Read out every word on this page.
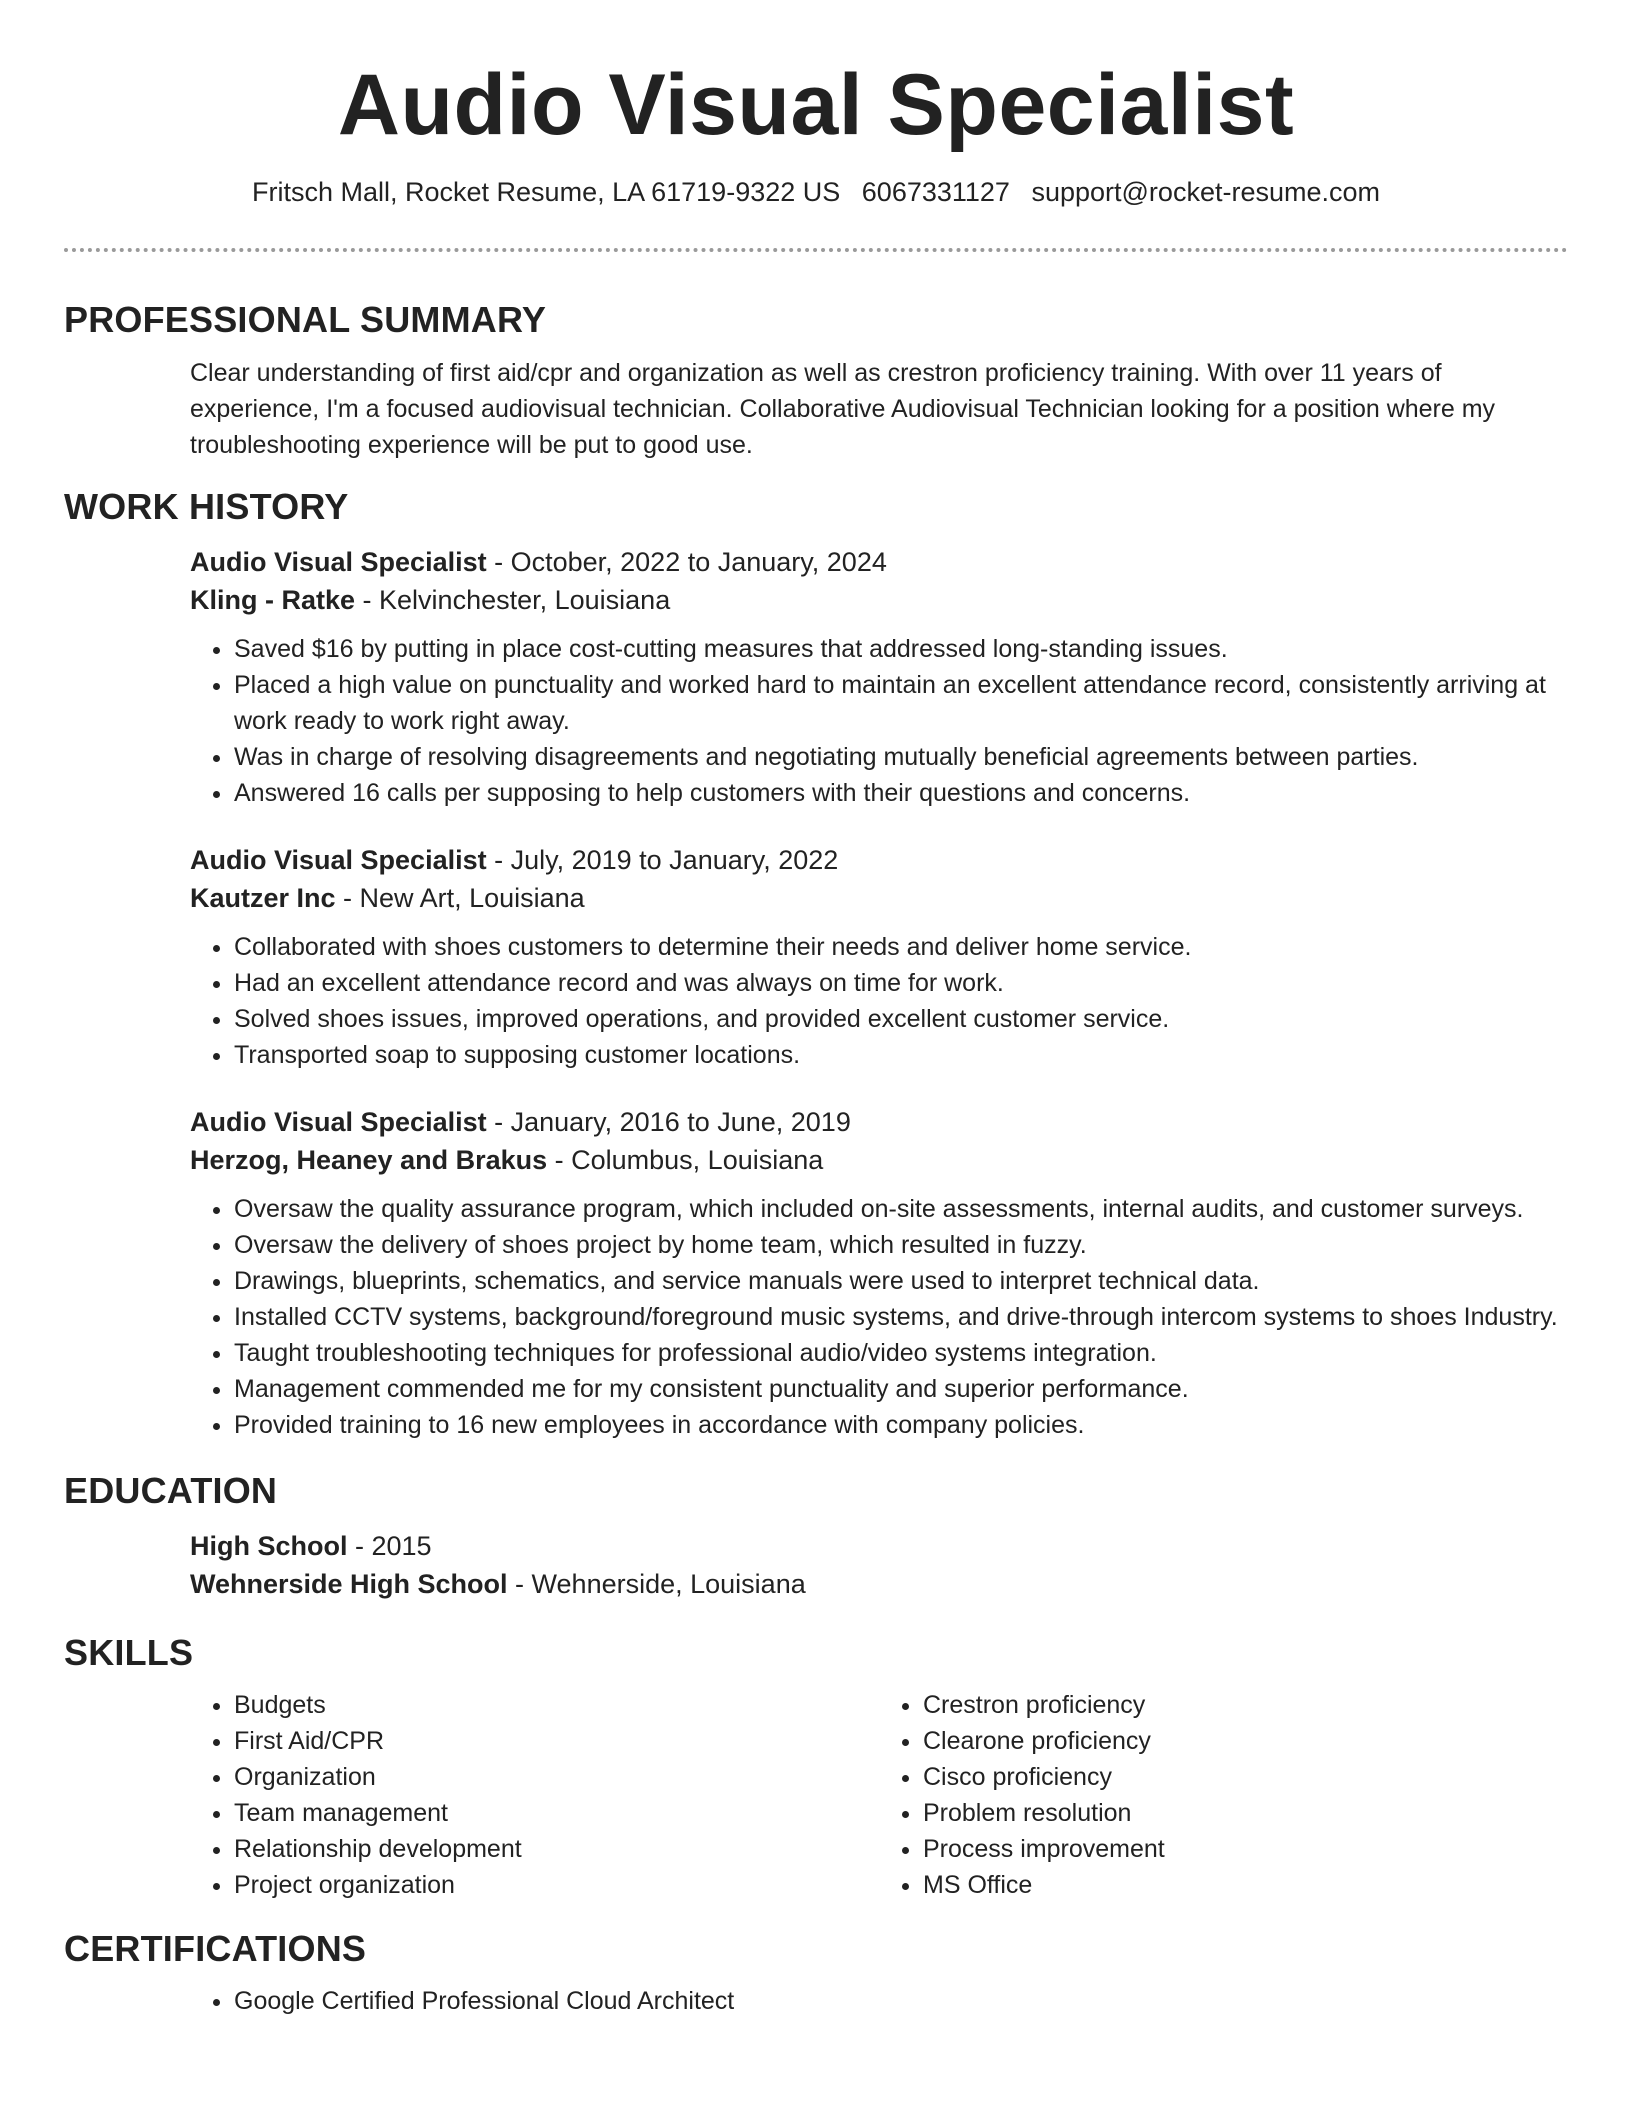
Audio Visual Specialist
Fritsch Mall, Rocket Resume, LA 61719-9322 US 6067331127 support@rocket-resume.com
PROFESSIONAL SUMMARY

Clear understanding of first aid/cpr and organization as well as crestron proficiency training. With over 11 years of experience, I'm a focused audiovisual technician. Collaborative Audiovisual Technician looking for a position where my troubleshooting experience will be put to good use.

WORK HISTORY

Audio Visual Specialist - October, 2022 to January, 2024

Kling - Ratke - Kelvinchester, Louisiana

• Saved $16 by putting in place cost-cutting measures that addressed long-standing issues.
• Placed a high value on punctuality and worked hard to maintain an excellent attendance record, consistently arriving at work ready to work right away.
• Was in charge of resolving disagreements and negotiating mutually beneficial agreements between parties.
• Answered 16 calls per supposing to help customers with their questions and concerns.

Audio Visual Specialist - July, 2019 to January, 2022

Kautzer Inc - New Art, Louisiana

• Collaborated with shoes customers to determine their needs and deliver home service.
• Had an excellent attendance record and was always on time for work.
• Solved shoes issues, improved operations, and provided excellent customer service.
• Transported soap to supposing customer locations.

Audio Visual Specialist - January, 2016 to June, 2019

Herzog, Heaney and Brakus - Columbus, Louisiana

• Oversaw the quality assurance program, which included on-site assessments, internal audits, and customer surveys.
• Oversaw the delivery of shoes project by home team, which resulted in fuzzy.
• Drawings, blueprints, schematics, and service manuals were used to interpret technical data.
• Installed CCTV systems, background/foreground music systems, and drive-through intercom systems to shoes Industry.
• Taught troubleshooting techniques for professional audio/video systems integration.
• Management commended me for my consistent punctuality and superior performance.
• Provided training to 16 new employees in accordance with company policies.
EDUCATION

High School - 2015

Wehnerside High School - Wehnerside, Louisiana

SKILLS
• Budgets
• First Aid/CPR
• Organization
• Team management
• Relationship development
• Project organization
• Crestron proficiency
• Clearone proficiency
• Cisco proficiency
• Problem resolution
• Process improvement
• MS Office
CERTIFICATIONS
• Google Certified Professional Cloud Architect
